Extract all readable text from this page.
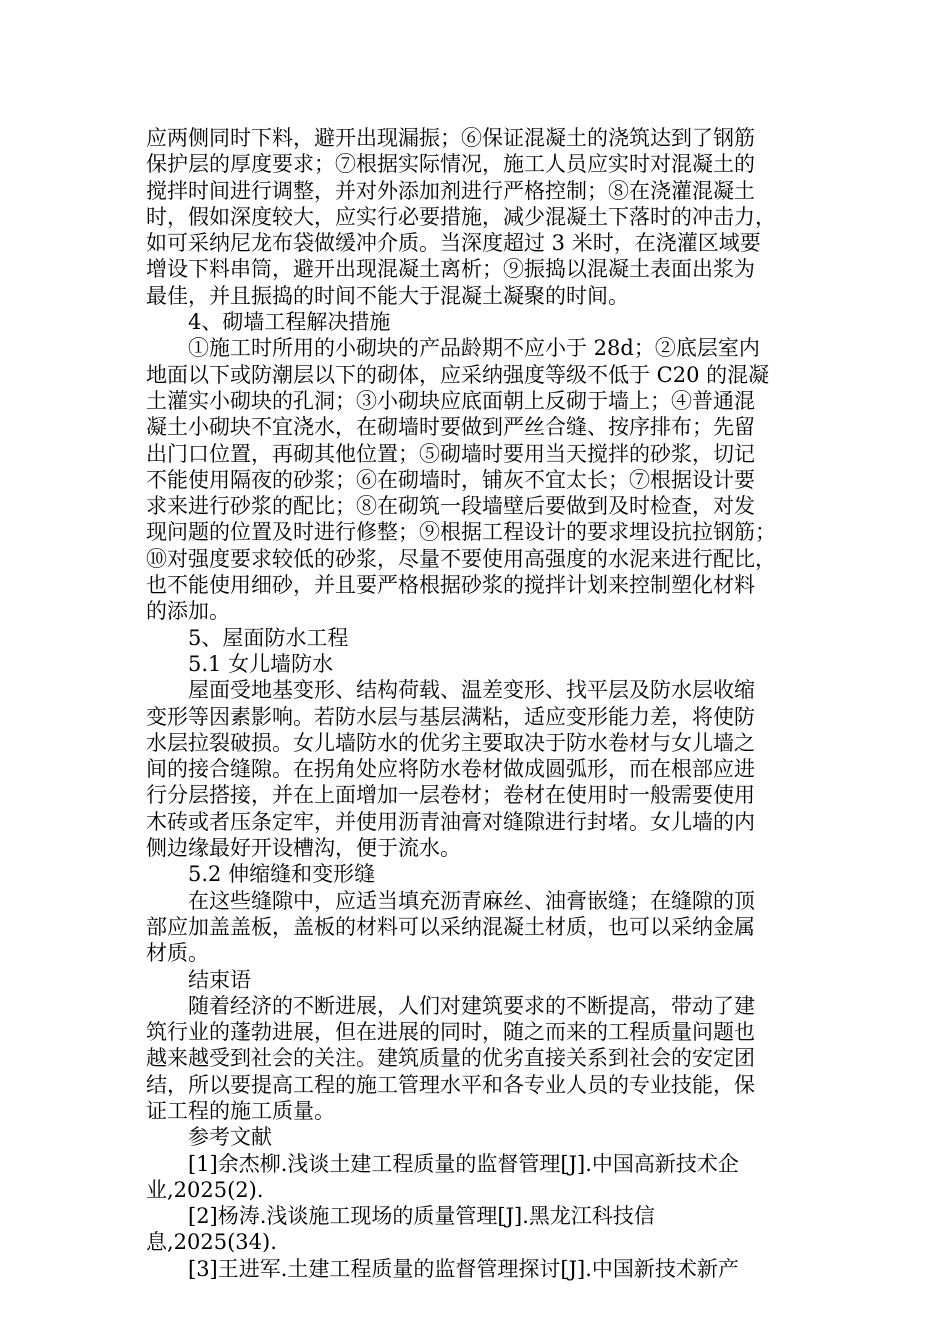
应两侧同时下料，避开出现漏振；⑥保证混凝土的浇筑达到了钢筋
保护层的厚度要求；⑦根据实际情况，施工人员应实时对混凝土的
搅拌时间进行调整，并对外添加剂进行严格控制；⑧在浇灌混凝土
时，假如深度较大，应实行必要措施，减少混凝土下落时的冲击力，
如可采纳尼龙布袋做缓冲介质。当深度超过 3 米时，在浇灌区域要
增设下料串筒，避开出现混凝土离析；⑨振捣以混凝土表面出浆为
最佳，并且振捣的时间不能大于混凝土凝聚的时间。
4、砌墙工程解决措施
①施工时所用的小砌块的产品龄期不应小于 28d；②底层室内
地面以下或防潮层以下的砌体，应采纳强度等级不低于 C20 的混凝
土灌实小砌块的孔洞；③小砌块应底面朝上反砌于墙上；④普通混
凝土小砌块不宜浇水，在砌墙时要做到严丝合缝、按序排布；先留
出门口位置，再砌其他位置；⑤砌墙时要用当天搅拌的砂浆，切记
不能使用隔夜的砂浆；⑥在砌墙时，铺灰不宜太长；⑦根据设计要
求来进行砂浆的配比；⑧在砌筑一段墙壁后要做到及时检查，对发
现问题的位置及时进行修整；⑨根据工程设计的要求埋设抗拉钢筋；
⑩对强度要求较低的砂浆，尽量不要使用高强度的水泥来进行配比，
也不能使用细砂，并且要严格根据砂浆的搅拌计划来控制塑化材料
的添加。
5、屋面防水工程
5.1 女儿墙防水
屋面受地基变形、结构荷载、温差变形、找平层及防水层收缩
变形等因素影响。若防水层与基层满粘，适应变形能力差，将使防
水层拉裂破损。女儿墙防水的优劣主要取决于防水卷材与女儿墙之
间的接合缝隙。在拐角处应将防水卷材做成圆弧形，而在根部应进
行分层搭接，并在上面增加一层卷材；卷材在使用时一般需要使用
木砖或者压条定牢，并使用沥青油膏对缝隙进行封堵。女儿墙的内
侧边缘最好开设槽沟，便于流水。
5.2 伸缩缝和变形缝
在这些缝隙中，应适当填充沥青麻丝、油膏嵌缝；在缝隙的顶
部应加盖盖板，盖板的材料可以采纳混凝土材质，也可以采纳金属
材质。
结束语
随着经济的不断进展，人们对建筑要求的不断提高，带动了建
筑行业的蓬勃进展，但在进展的同时，随之而来的工程质量问题也
越来越受到社会的关注。建筑质量的优劣直接关系到社会的安定团
结，所以要提高工程的施工管理水平和各专业人员的专业技能，保
证工程的施工质量。
参考文献
[1]余杰柳.浅谈土建工程质量的监督管理[J].中国高新技术企
业,2025(2).
[2]杨涛.浅谈施工现场的质量管理[J].黑龙江科技信
息,2025(34).
[3]王进军.土建工程质量的监督管理探讨[J].中国新技术新产
